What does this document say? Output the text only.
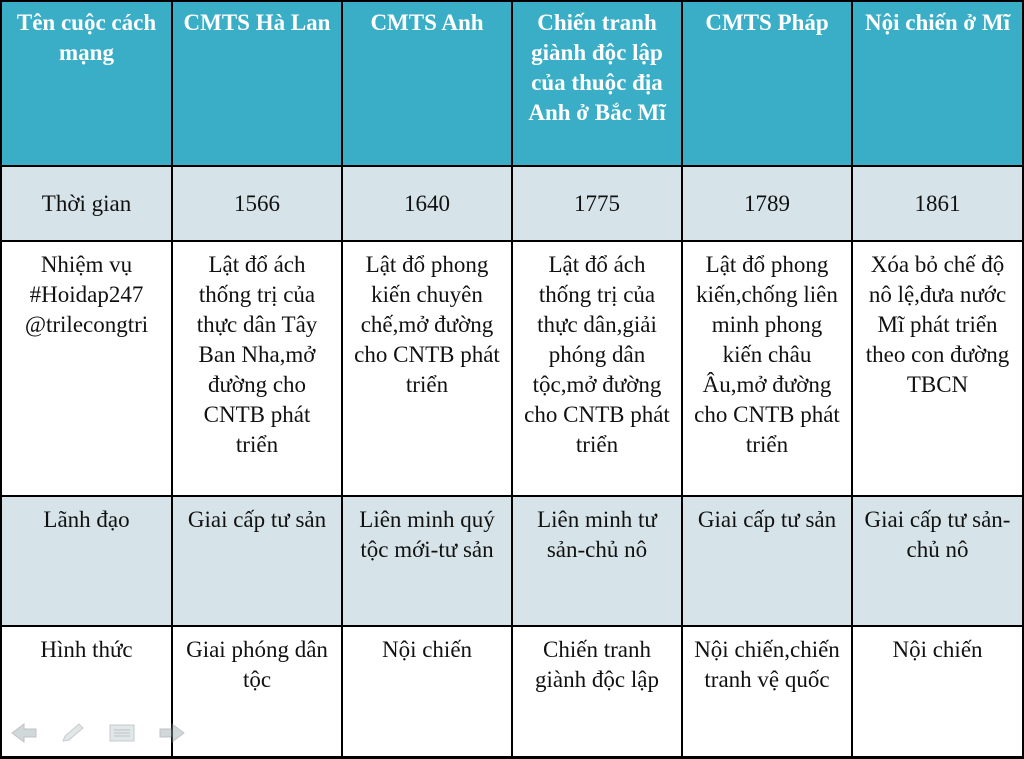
Tên cuộc cách mạng	CMTS Hà Lan	CMTS Anh	Chiến tranh giành độc lập của thuộc địa Anh ở Bắc Mĩ	CMTS Pháp	Nội chiến ở Mĩ
Thời gian	1566	1640	1775	1789	1861
Nhiệm vụ #Hoidap247 @trilecongtri	Lật đổ ách thống trị của thực dân Tây Ban Nha,mở đường cho CNTB phát triển	Lật đổ phong kiến chuyên chế,mở đường cho CNTB phát triển	Lật đổ ách thống trị của thực dân,giải phóng dân tộc,mở đường cho CNTB phát triển	Lật đổ phong kiến,chống liên minh phong kiến châu Âu,mở đường cho CNTB phát triển	Xóa bỏ chế độ nô lệ,đưa nước Mĩ phát triển theo con đường TBCN
Lãnh đạo	Giai cấp tư sản	Liên minh quý tộc mới-tư sản	Liên minh tư sản-chủ nô	Giai cấp tư sản	Giai cấp tư sản-chủ nô
Hình thức	Giai phóng dân tộc	Nội chiến	Chiến tranh giành độc lập	Nội chiến,chiến tranh vệ quốc	Nội chiến
